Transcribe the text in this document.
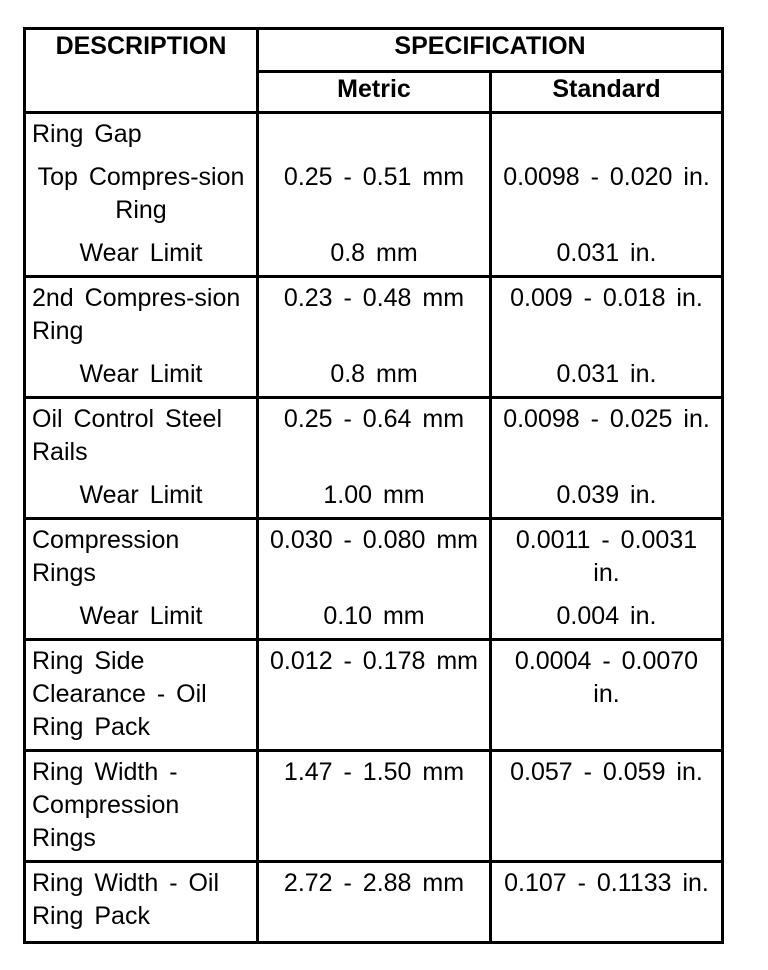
DESCRIPTION	SPECIFICATION	
	Metric	Standard
Ring Gap		
Top Compres-sion Ring	0.25 - 0.51 mm	0.0098 - 0.020 in.
Wear Limit	0.8 mm	0.031 in.
2nd Compres-sion Ring	0.23 - 0.48 mm	0.009 - 0.018 in.
Wear Limit	0.8 mm	0.031 in.
Oil Control Steel Rails	0.25 - 0.64 mm	0.0098 - 0.025 in.
Wear Limit	1.00 mm	0.039 in.
Compression Rings	0.030 - 0.080 mm	0.0011 - 0.0031 in.
Wear Limit	0.10 mm	0.004 in.
Ring Side Clearance - Oil Ring Pack	0.012 - 0.178 mm	0.0004 - 0.0070 in.
Ring Width - Compression Rings	1.47 - 1.50 mm	0.057 - 0.059 in.
Ring Width - Oil Ring Pack	2.72 - 2.88 mm	0.107 - 0.1133 in.
